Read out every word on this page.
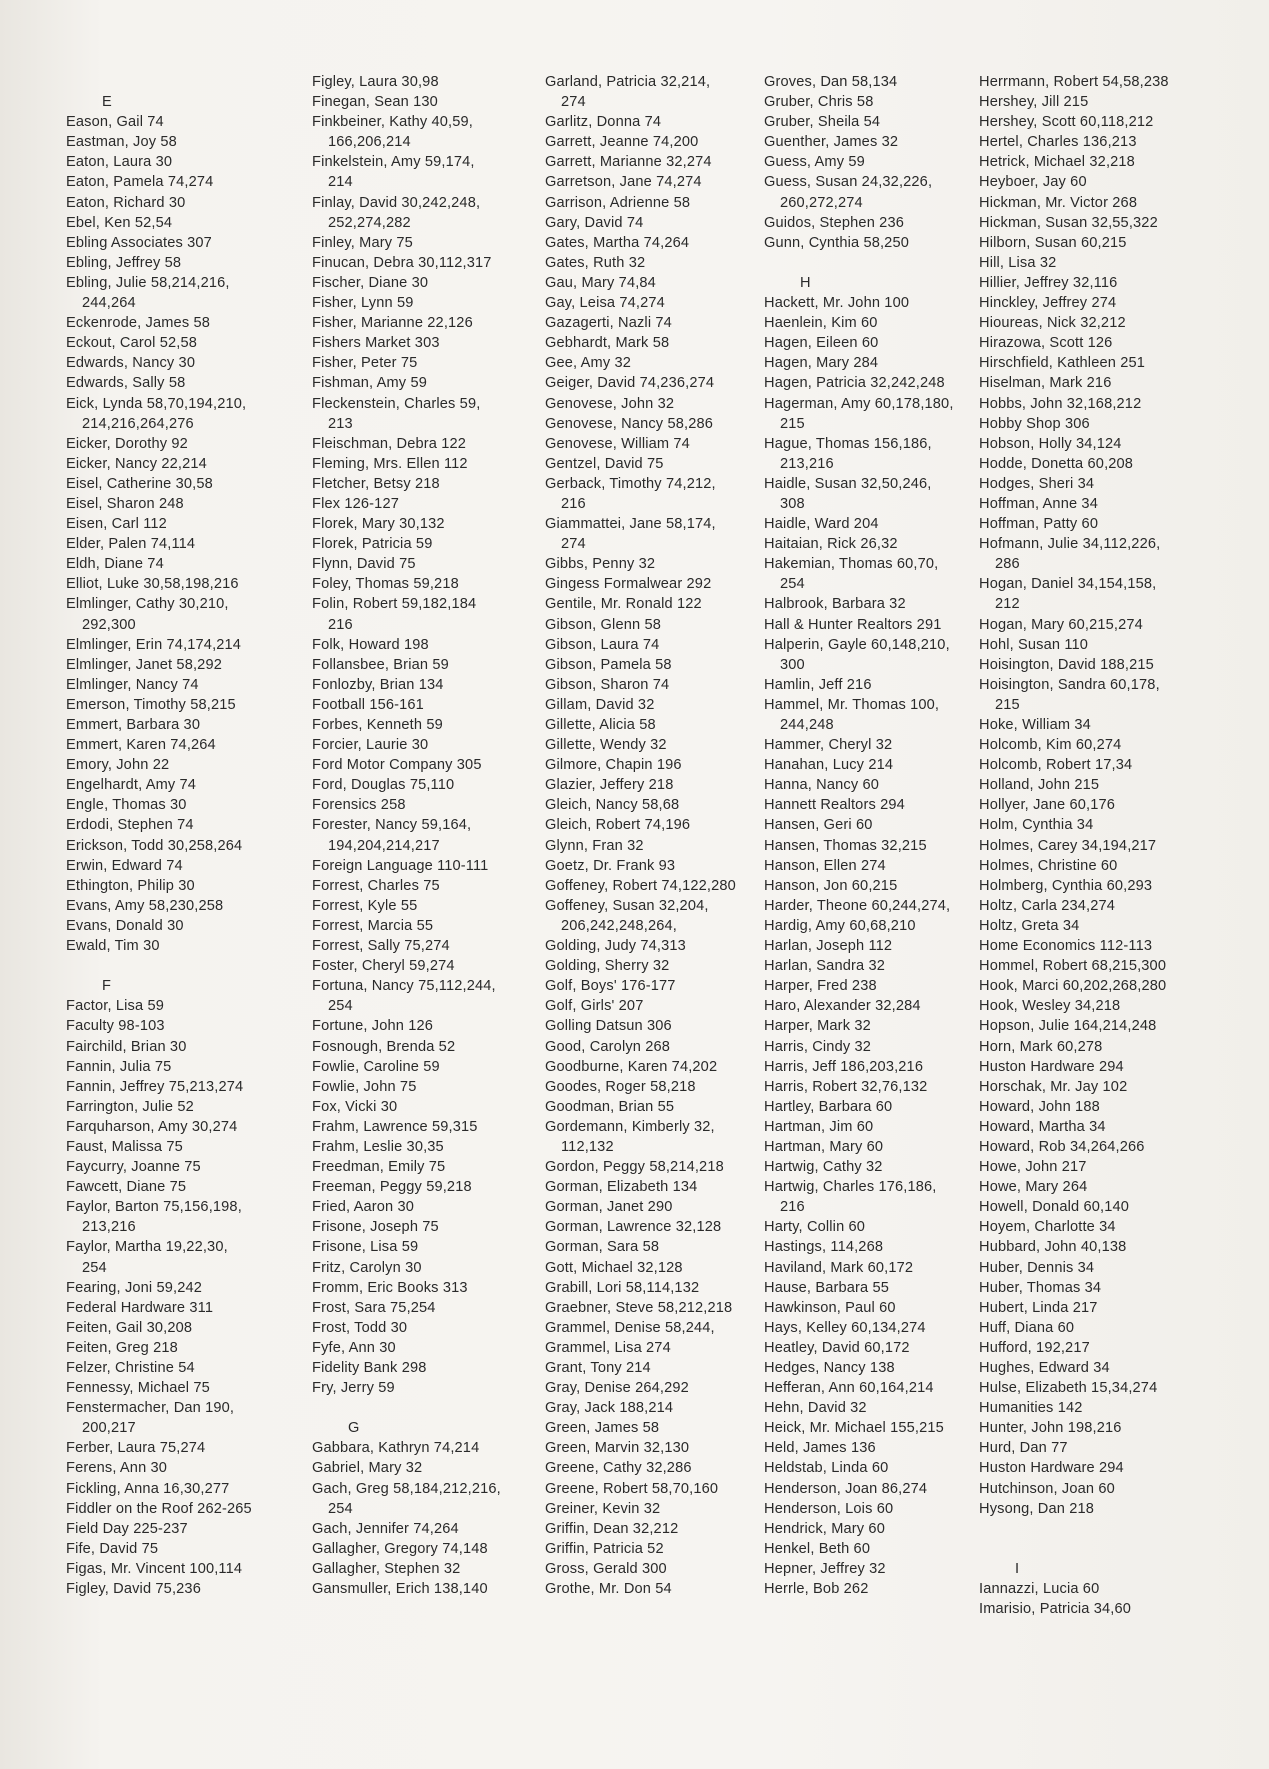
E
Eason, Gail 74
Eastman, Joy 58
Eaton, Laura 30
Eaton, Pamela 74,274
Eaton, Richard 30
Ebel, Ken 52,54
Ebling Associates 307
Ebling, Jeffrey 58
Ebling, Julie 58,214,216,
244,264
Eckenrode, James 58
Eckout, Carol 52,58
Edwards, Nancy 30
Edwards, Sally 58
Eick, Lynda 58,70,194,210,
214,216,264,276
Eicker, Dorothy 92
Eicker, Nancy 22,214
Eisel, Catherine 30,58
Eisel, Sharon 248
Eisen, Carl 112
Elder, Palen 74,114
Eldh, Diane 74
Elliot, Luke 30,58,198,216
Elmlinger, Cathy 30,210,
292,300
Elmlinger, Erin 74,174,214
Elmlinger, Janet 58,292
Elmlinger, Nancy 74
Emerson, Timothy 58,215
Emmert, Barbara 30
Emmert, Karen 74,264
Emory, John 22
Engelhardt, Amy 74
Engle, Thomas 30
Erdodi, Stephen 74
Erickson, Todd 30,258,264
Erwin, Edward 74
Ethington, Philip 30
Evans, Amy 58,230,258
Evans, Donald 30
Ewald, Tim 30
F
Factor, Lisa 59
Faculty 98-103
Fairchild, Brian 30
Fannin, Julia 75
Fannin, Jeffrey 75,213,274
Farrington, Julie 52
Farquharson, Amy 30,274
Faust, Malissa 75
Faycurry, Joanne 75
Fawcett, Diane 75
Faylor, Barton 75,156,198,
213,216
Faylor, Martha 19,22,30,
254
Fearing, Joni 59,242
Federal Hardware 311
Feiten, Gail 30,208
Feiten, Greg 218
Felzer, Christine 54
Fennessy, Michael 75
Fenstermacher, Dan 190,
200,217
Ferber, Laura 75,274
Ferens, Ann 30
Fickling, Anna 16,30,277
Fiddler on the Roof 262-265
Field Day 225-237
Fife, David 75
Figas, Mr. Vincent 100,114
Figley, David 75,236
Figley, Laura 30,98
Finegan, Sean 130
Finkbeiner, Kathy 40,59,
166,206,214
Finkelstein, Amy 59,174,
214
Finlay, David 30,242,248,
252,274,282
Finley, Mary 75
Finucan, Debra 30,112,317
Fischer, Diane 30
Fisher, Lynn 59
Fisher, Marianne 22,126
Fishers Market 303
Fisher, Peter 75
Fishman, Amy 59
Fleckenstein, Charles 59,
213
Fleischman, Debra 122
Fleming, Mrs. Ellen 112
Fletcher, Betsy 218
Flex 126-127
Florek, Mary 30,132
Florek, Patricia 59
Flynn, David 75
Foley, Thomas 59,218
Folin, Robert 59,182,184
216
Folk, Howard 198
Follansbee, Brian 59
Fonlozby, Brian 134
Football 156-161
Forbes, Kenneth 59
Forcier, Laurie 30
Ford Motor Company 305
Ford, Douglas 75,110
Forensics 258
Forester, Nancy 59,164,
194,204,214,217
Foreign Language 110-111
Forrest, Charles 75
Forrest, Kyle 55
Forrest, Marcia 55
Forrest, Sally 75,274
Foster, Cheryl 59,274
Fortuna, Nancy 75,112,244,
254
Fortune, John 126
Fosnough, Brenda 52
Fowlie, Caroline 59
Fowlie, John 75
Fox, Vicki 30
Frahm, Lawrence 59,315
Frahm, Leslie 30,35
Freedman, Emily 75
Freeman, Peggy 59,218
Fried, Aaron 30
Frisone, Joseph 75
Frisone, Lisa 59
Fritz, Carolyn 30
Fromm, Eric Books 313
Frost, Sara 75,254
Frost, Todd 30
Fyfe, Ann 30
Fidelity Bank 298
Fry, Jerry 59
G
Gabbara, Kathryn 74,214
Gabriel, Mary 32
Gach, Greg 58,184,212,216,
254
Gach, Jennifer 74,264
Gallagher, Gregory 74,148
Gallagher, Stephen 32
Gansmuller, Erich 138,140
Garland, Patricia 32,214,
274
Garlitz, Donna 74
Garrett, Jeanne 74,200
Garrett, Marianne 32,274
Garretson, Jane 74,274
Garrison, Adrienne 58
Gary, David 74
Gates, Martha 74,264
Gates, Ruth 32
Gau, Mary 74,84
Gay, Leisa 74,274
Gazagerti, Nazli 74
Gebhardt, Mark 58
Gee, Amy 32
Geiger, David 74,236,274
Genovese, John 32
Genovese, Nancy 58,286
Genovese, William 74
Gentzel, David 75
Gerback, Timothy 74,212,
216
Giammattei, Jane 58,174,
274
Gibbs, Penny 32
Gingess Formalwear 292
Gentile, Mr. Ronald 122
Gibson, Glenn 58
Gibson, Laura 74
Gibson, Pamela 58
Gibson, Sharon 74
Gillam, David 32
Gillette, Alicia 58
Gillette, Wendy 32
Gilmore, Chapin 196
Glazier, Jeffery 218
Gleich, Nancy 58,68
Gleich, Robert 74,196
Glynn, Fran 32
Goetz, Dr. Frank 93
Goffeney, Robert 74,122,280
Goffeney, Susan 32,204,
206,242,248,264,
Golding, Judy 74,313
Golding, Sherry 32
Golf, Boys' 176-177
Golf, Girls' 207
Golling Datsun 306
Good, Carolyn 268
Goodburne, Karen 74,202
Goodes, Roger 58,218
Goodman, Brian 55
Gordemann, Kimberly 32,
112,132
Gordon, Peggy 58,214,218
Gorman, Elizabeth 134
Gorman, Janet 290
Gorman, Lawrence 32,128
Gorman, Sara 58
Gott, Michael 32,128
Grabill, Lori 58,114,132
Graebner, Steve 58,212,218
Grammel, Denise 58,244,
Grammel, Lisa 274
Grant, Tony 214
Gray, Denise 264,292
Gray, Jack 188,214
Green, James 58
Green, Marvin 32,130
Greene, Cathy 32,286
Greene, Robert 58,70,160
Greiner, Kevin 32
Griffin, Dean 32,212
Griffin, Patricia 52
Gross, Gerald 300
Grothe, Mr. Don 54
Groves, Dan 58,134
Gruber, Chris 58
Gruber, Sheila 54
Guenther, James 32
Guess, Amy 59
Guess, Susan 24,32,226,
260,272,274
Guidos, Stephen 236
Gunn, Cynthia 58,250
H
Hackett, Mr. John 100
Haenlein, Kim 60
Hagen, Eileen 60
Hagen, Mary 284
Hagen, Patricia 32,242,248
Hagerman, Amy 60,178,180,
215
Hague, Thomas 156,186,
213,216
Haidle, Susan 32,50,246,
308
Haidle, Ward 204
Haitaian, Rick 26,32
Hakemian, Thomas 60,70,
254
Halbrook, Barbara 32
Hall & Hunter Realtors 291
Halperin, Gayle 60,148,210,
300
Hamlin, Jeff 216
Hammel, Mr. Thomas 100,
244,248
Hammer, Cheryl 32
Hanahan, Lucy 214
Hanna, Nancy 60
Hannett Realtors 294
Hansen, Geri 60
Hansen, Thomas 32,215
Hanson, Ellen 274
Hanson, Jon 60,215
Harder, Theone 60,244,274,
Hardig, Amy 60,68,210
Harlan, Joseph 112
Harlan, Sandra 32
Harper, Fred 238
Haro, Alexander 32,284
Harper, Mark 32
Harris, Cindy 32
Harris, Jeff 186,203,216
Harris, Robert 32,76,132
Hartley, Barbara 60
Hartman, Jim 60
Hartman, Mary 60
Hartwig, Cathy 32
Hartwig, Charles 176,186,
216
Harty, Collin 60
Hastings, 114,268
Haviland, Mark 60,172
Hause, Barbara 55
Hawkinson, Paul 60
Hays, Kelley 60,134,274
Heatley, David 60,172
Hedges, Nancy 138
Hefferan, Ann 60,164,214
Hehn, David 32
Heick, Mr. Michael 155,215
Held, James 136
Heldstab, Linda 60
Henderson, Joan 86,274
Henderson, Lois 60
Hendrick, Mary 60
Henkel, Beth 60
Hepner, Jeffrey 32
Herrle, Bob 262
Herrmann, Robert 54,58,238
Hershey, Jill 215
Hershey, Scott 60,118,212
Hertel, Charles 136,213
Hetrick, Michael 32,218
Heyboer, Jay 60
Hickman, Mr. Victor 268
Hickman, Susan 32,55,322
Hilborn, Susan 60,215
Hill, Lisa 32
Hillier, Jeffrey 32,116
Hinckley, Jeffrey 274
Hioureas, Nick 32,212
Hirazowa, Scott 126
Hirschfield, Kathleen 251
Hiselman, Mark 216
Hobbs, John 32,168,212
Hobby Shop 306
Hobson, Holly 34,124
Hodde, Donetta 60,208
Hodges, Sheri 34
Hoffman, Anne 34
Hoffman, Patty 60
Hofmann, Julie 34,112,226,
286
Hogan, Daniel 34,154,158,
212
Hogan, Mary 60,215,274
Hohl, Susan 110
Hoisington, David 188,215
Hoisington, Sandra 60,178,
215
Hoke, William 34
Holcomb, Kim 60,274
Holcomb, Robert 17,34
Holland, John 215
Hollyer, Jane 60,176
Holm, Cynthia 34
Holmes, Carey 34,194,217
Holmes, Christine 60
Holmberg, Cynthia 60,293
Holtz, Carla 234,274
Holtz, Greta 34
Home Economics 112-113
Hommel, Robert 68,215,300
Hook, Marci 60,202,268,280
Hook, Wesley 34,218
Hopson, Julie 164,214,248
Horn, Mark 60,278
Huston Hardware 294
Horschak, Mr. Jay 102
Howard, John 188
Howard, Martha 34
Howard, Rob 34,264,266
Howe, John 217
Howe, Mary 264
Howell, Donald 60,140
Hoyem, Charlotte 34
Hubbard, John 40,138
Huber, Dennis 34
Huber, Thomas 34
Hubert, Linda 217
Huff, Diana 60
Hufford, 192,217
Hughes, Edward 34
Hulse, Elizabeth 15,34,274
Humanities 142
Hunter, John 198,216
Hurd, Dan 77
Huston Hardware 294
Hutchinson, Joan 60
Hysong, Dan 218
I
Iannazzi, Lucia 60
Imarisio, Patricia 34,60
